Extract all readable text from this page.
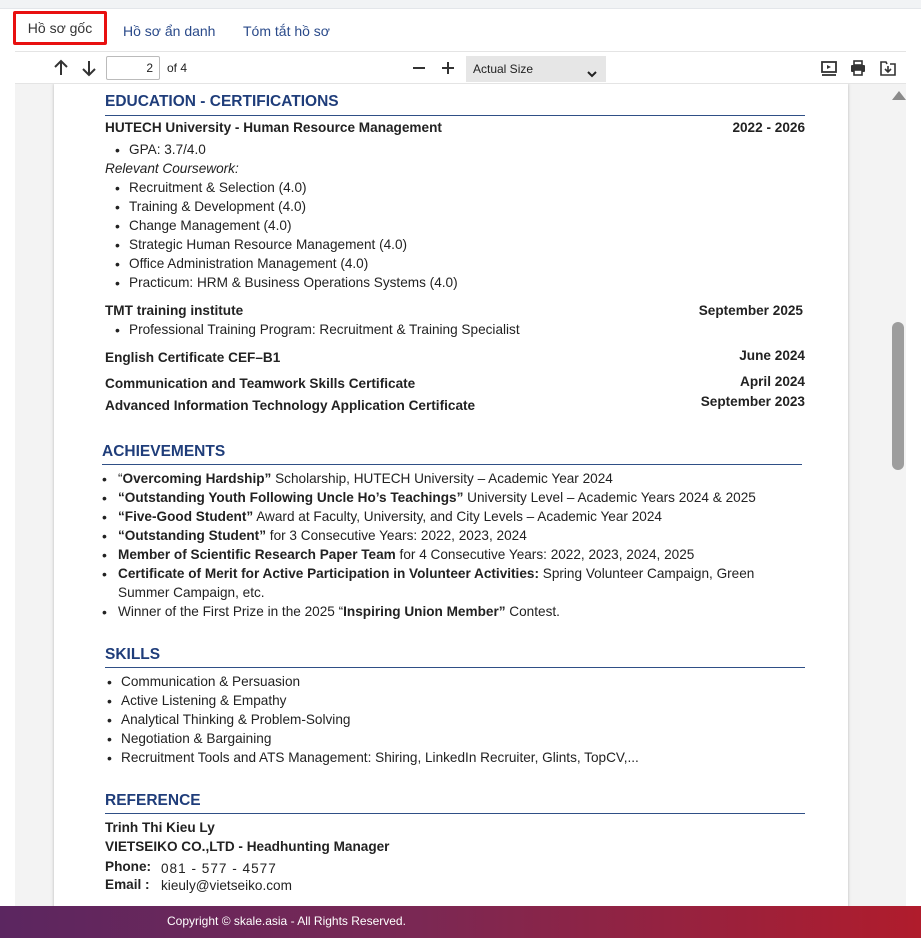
Hồ sơ gốc	Hồ sơ ẩn danh Tóm tắt hồ sơ
2	of 4	Actual Size
EDUCATION - CERTIFICATIONS
HUTECH University - Human Resource Management	2022 - 2026
• GPA: 3.7/4.0
Relevant Coursework:
• Recruitment & Selection (4.0)
• Training & Development (4.0)
• Change Management (4.0)
• Strategic Human Resource Management (4.0)
• Office Administration Management (4.0)
• Practicum: HRM & Business Operations Systems (4.0)
TMT training institute	September 2025
• Professional Training Program: Recruitment & Training Specialist
English Certificate CEF–B1	June 2024
Communication and Teamwork Skills Certificate	April 2024
Advanced Information Technology Application Certificate	September 2023
ACHIEVEMENTS
• “Overcoming Hardship” Scholarship, HUTECH University – Academic Year 2024
• “Outstanding Youth Following Uncle Ho’s Teachings” University Level – Academic Years 2024 & 2025
• “Five-Good Student” Award at Faculty, University, and City Levels – Academic Year 2024
• “Outstanding Student” for 3 Consecutive Years: 2022, 2023, 2024
• Member of Scientific Research Paper Team for 4 Consecutive Years: 2022, 2023, 2024, 2025
• Certificate of Merit for Active Participation in Volunteer Activities: Spring Volunteer Campaign, Green
Summer Campaign, etc.
• Winner of the First Prize in the 2025 “Inspiring Union Member” Contest.
SKILLS
• Communication & Persuasion
• Active Listening & Empathy
• Analytical Thinking & Problem-Solving
• Negotiation & Bargaining
• Recruitment Tools and ATS Management: Shiring, LinkedIn Recruiter, Glints, TopCV,...
REFERENCE
Trinh Thi Kieu Ly
VIETSEIKO CO.,LTD - Headhunting Manager
Phone: 081 - 577 - 4577
Email : kieuly@vietseiko.com
Copyright © skale.asia - All Rights Reserved.
